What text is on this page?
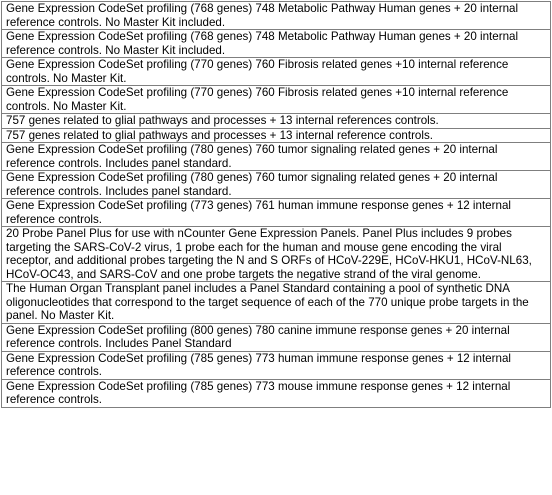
Gene Expression CodeSet profiling (768 genes) 748 Metabolic Pathway Human genes + 20 internal reference controls. No Master Kit included.
Gene Expression CodeSet profiling (768 genes) 748 Metabolic Pathway Human genes + 20 internal reference controls. No Master Kit included.
Gene Expression CodeSet profiling (770 genes) 760 Fibrosis related genes +10 internal reference controls. No Master Kit.
Gene Expression CodeSet profiling (770 genes) 760 Fibrosis related genes +10 internal reference controls. No Master Kit.
757 genes related to glial pathways and processes + 13 internal references controls.
757 genes related to glial pathways and processes + 13 internal reference controls.
Gene Expression CodeSet profiling (780 genes) 760 tumor signaling related genes + 20 internal reference controls. Includes panel standard.
Gene Expression CodeSet profiling (780 genes) 760 tumor signaling related genes + 20 internal reference controls. Includes panel standard.
Gene Expression CodeSet profiling (773 genes) 761 human immune response genes + 12 internal reference controls.
20 Probe Panel Plus for use with nCounter Gene Expression Panels. Panel Plus includes 9 probes targeting the SARS-CoV-2 virus, 1 probe each for the human and mouse gene encoding the viral receptor, and additional probes targeting the N and S ORFs of HCoV-229E, HCoV-HKU1, HCoV-NL63, HCoV-OC43, and SARS-CoV and one probe targets the negative strand of the viral genome.
The Human Organ Transplant panel includes a Panel Standard containing a pool of synthetic DNA oligonucleotides that correspond to the target sequence of each of the 770 unique probe targets in the panel. No Master Kit.
Gene Expression CodeSet profiling (800 genes) 780 canine immune response genes + 20 internal reference controls. Includes Panel Standard
Gene Expression CodeSet profiling (785 genes) 773 human immune response genes + 12 internal reference controls.
Gene Expression CodeSet profiling (785 genes) 773 mouse immune response genes + 12 internal reference controls.
